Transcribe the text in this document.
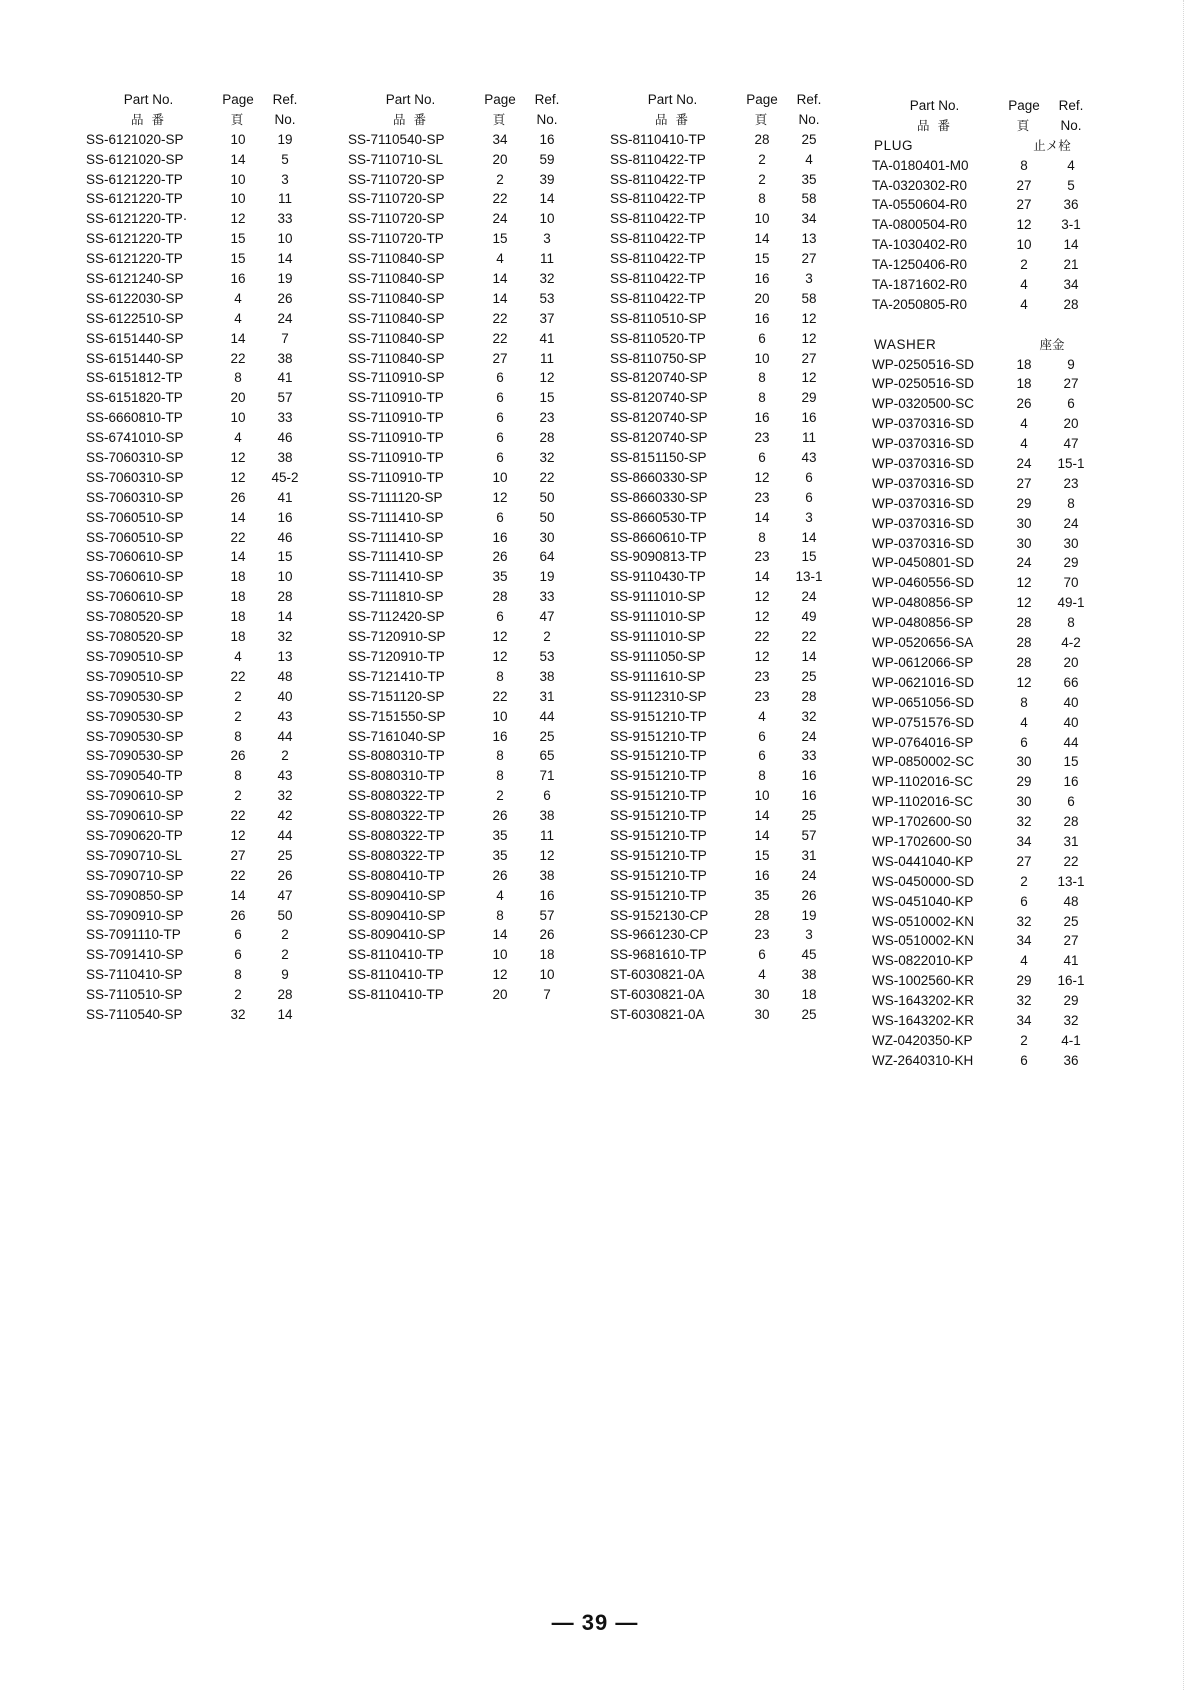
Part No.	Page	Ref.
品 番	頁	No.
SS-6121020-SP	10	19
SS-6121020-SP	14	5
SS-6121220-TP	10	3
SS-6121220-TP	10	11
SS-6121220-TP·	12	33
SS-6121220-TP	15	10
SS-6121220-TP	15	14
SS-6121240-SP	16	19
SS-6122030-SP	4	26
SS-6122510-SP	4	24
SS-6151440-SP	14	7
SS-6151440-SP	22	38
SS-6151812-TP	8	41
SS-6151820-TP	20	57
SS-6660810-TP	10	33
SS-6741010-SP	4	46
SS-7060310-SP	12	38
SS-7060310-SP	12	45-2
SS-7060310-SP	26	41
SS-7060510-SP	14	16
SS-7060510-SP	22	46
SS-7060610-SP	14	15
SS-7060610-SP	18	10
SS-7060610-SP	18	28
SS-7080520-SP	18	14
SS-7080520-SP	18	32
SS-7090510-SP	4	13
SS-7090510-SP	22	48
SS-7090530-SP	2	40
SS-7090530-SP	2	43
SS-7090530-SP	8	44
SS-7090530-SP	26	2
SS-7090540-TP	8	43
SS-7090610-SP	2	32
SS-7090610-SP	22	42
SS-7090620-TP	12	44
SS-7090710-SL	27	25
SS-7090710-SP	22	26
SS-7090850-SP	14	47
SS-7090910-SP	26	50
SS-7091110-TP	6	2
SS-7091410-SP	6	2
SS-7110410-SP	8	9
SS-7110510-SP	2	28
SS-7110540-SP	32	14
Part No.	Page	Ref.
品 番	頁	No.
SS-7110540-SP	34	16
SS-7110710-SL	20	59
SS-7110720-SP	2	39
SS-7110720-SP	22	14
SS-7110720-SP	24	10
SS-7110720-TP	15	3
SS-7110840-SP	4	11
SS-7110840-SP	14	32
SS-7110840-SP	14	53
SS-7110840-SP	22	37
SS-7110840-SP	22	41
SS-7110840-SP	27	11
SS-7110910-SP	6	12
SS-7110910-TP	6	15
SS-7110910-TP	6	23
SS-7110910-TP	6	28
SS-7110910-TP	6	32
SS-7110910-TP	10	22
SS-7111120-SP	12	50
SS-7111410-SP	6	50
SS-7111410-SP	16	30
SS-7111410-SP	26	64
SS-7111410-SP	35	19
SS-7111810-SP	28	33
SS-7112420-SP	6	47
SS-7120910-SP	12	2
SS-7120910-TP	12	53
SS-7121410-TP	8	38
SS-7151120-SP	22	31
SS-7151550-SP	10	44
SS-7161040-SP	16	25
SS-8080310-TP	8	65
SS-8080310-TP	8	71
SS-8080322-TP	2	6
SS-8080322-TP	26	38
SS-8080322-TP	35	11
SS-8080322-TP	35	12
SS-8080410-TP	26	38
SS-8090410-SP	4	16
SS-8090410-SP	8	57
SS-8090410-SP	14	26
SS-8110410-TP	10	18
SS-8110410-TP	12	10
SS-8110410-TP	20	7
Part No.	Page	Ref.
品 番	頁	No.
SS-8110410-TP	28	25
SS-8110422-TP	2	4
SS-8110422-TP	2	35
SS-8110422-TP	8	58
SS-8110422-TP	10	34
SS-8110422-TP	14	13
SS-8110422-TP	15	27
SS-8110422-TP	16	3
SS-8110422-TP	20	58
SS-8110510-SP	16	12
SS-8110520-TP	6	12
SS-8110750-SP	10	27
SS-8120740-SP	8	12
SS-8120740-SP	8	29
SS-8120740-SP	16	16
SS-8120740-SP	23	11
SS-8151150-SP	6	43
SS-8660330-SP	12	6
SS-8660330-SP	23	6
SS-8660530-TP	14	3
SS-8660610-TP	8	14
SS-9090813-TP	23	15
SS-9110430-TP	14	13-1
SS-9111010-SP	12	24
SS-9111010-SP	12	49
SS-9111010-SP	22	22
SS-9111050-SP	12	14
SS-9111610-SP	23	25
SS-9112310-SP	23	28
SS-9151210-TP	4	32
SS-9151210-TP	6	24
SS-9151210-TP	6	33
SS-9151210-TP	8	16
SS-9151210-TP	10	16
SS-9151210-TP	14	25
SS-9151210-TP	14	57
SS-9151210-TP	15	31
SS-9151210-TP	16	24
SS-9151210-TP	35	26
SS-9152130-CP	28	19
SS-9661230-CP	23	3
SS-9681610-TP	6	45
ST-6030821-0A	4	38
ST-6030821-0A	30	18
ST-6030821-0A	30	25
Part No.	Page	Ref.
品 番	頁	No.
PLUG	止メ栓
TA-0180401-M0	8	4
TA-0320302-R0	27	5
TA-0550604-R0	27	36
TA-0800504-R0	12	3-1
TA-1030402-R0	10	14
TA-1250406-R0	2	21
TA-1871602-R0	4	34
TA-2050805-R0	4	28
WASHER	座金
WP-0250516-SD	18	9
WP-0250516-SD	18	27
WP-0320500-SC	26	6
WP-0370316-SD	4	20
WP-0370316-SD	4	47
WP-0370316-SD	24	15-1
WP-0370316-SD	27	23
WP-0370316-SD	29	8
WP-0370316-SD	30	24
WP-0370316-SD	30	30
WP-0450801-SD	24	29
WP-0460556-SD	12	70
WP-0480856-SP	12	49-1
WP-0480856-SP	28	8
WP-0520656-SA	28	4-2
WP-0612066-SP	28	20
WP-0621016-SD	12	66
WP-0651056-SD	8	40
WP-0751576-SD	4	40
WP-0764016-SP	6	44
WP-0850002-SC	30	15
WP-1102016-SC	29	16
WP-1102016-SC	30	6
WP-1702600-S0	32	28
WP-1702600-S0	34	31
WS-0441040-KP	27	22
WS-0450000-SD	2	13-1
WS-0451040-KP	6	48
WS-0510002-KN	32	25
WS-0510002-KN	34	27
WS-0822010-KP	4	41
WS-1002560-KR	29	16-1
WS-1643202-KR	32	29
WS-1643202-KR	34	32
WZ-0420350-KP	2	4-1
WZ-2640310-KH	6	36
— 39 —
